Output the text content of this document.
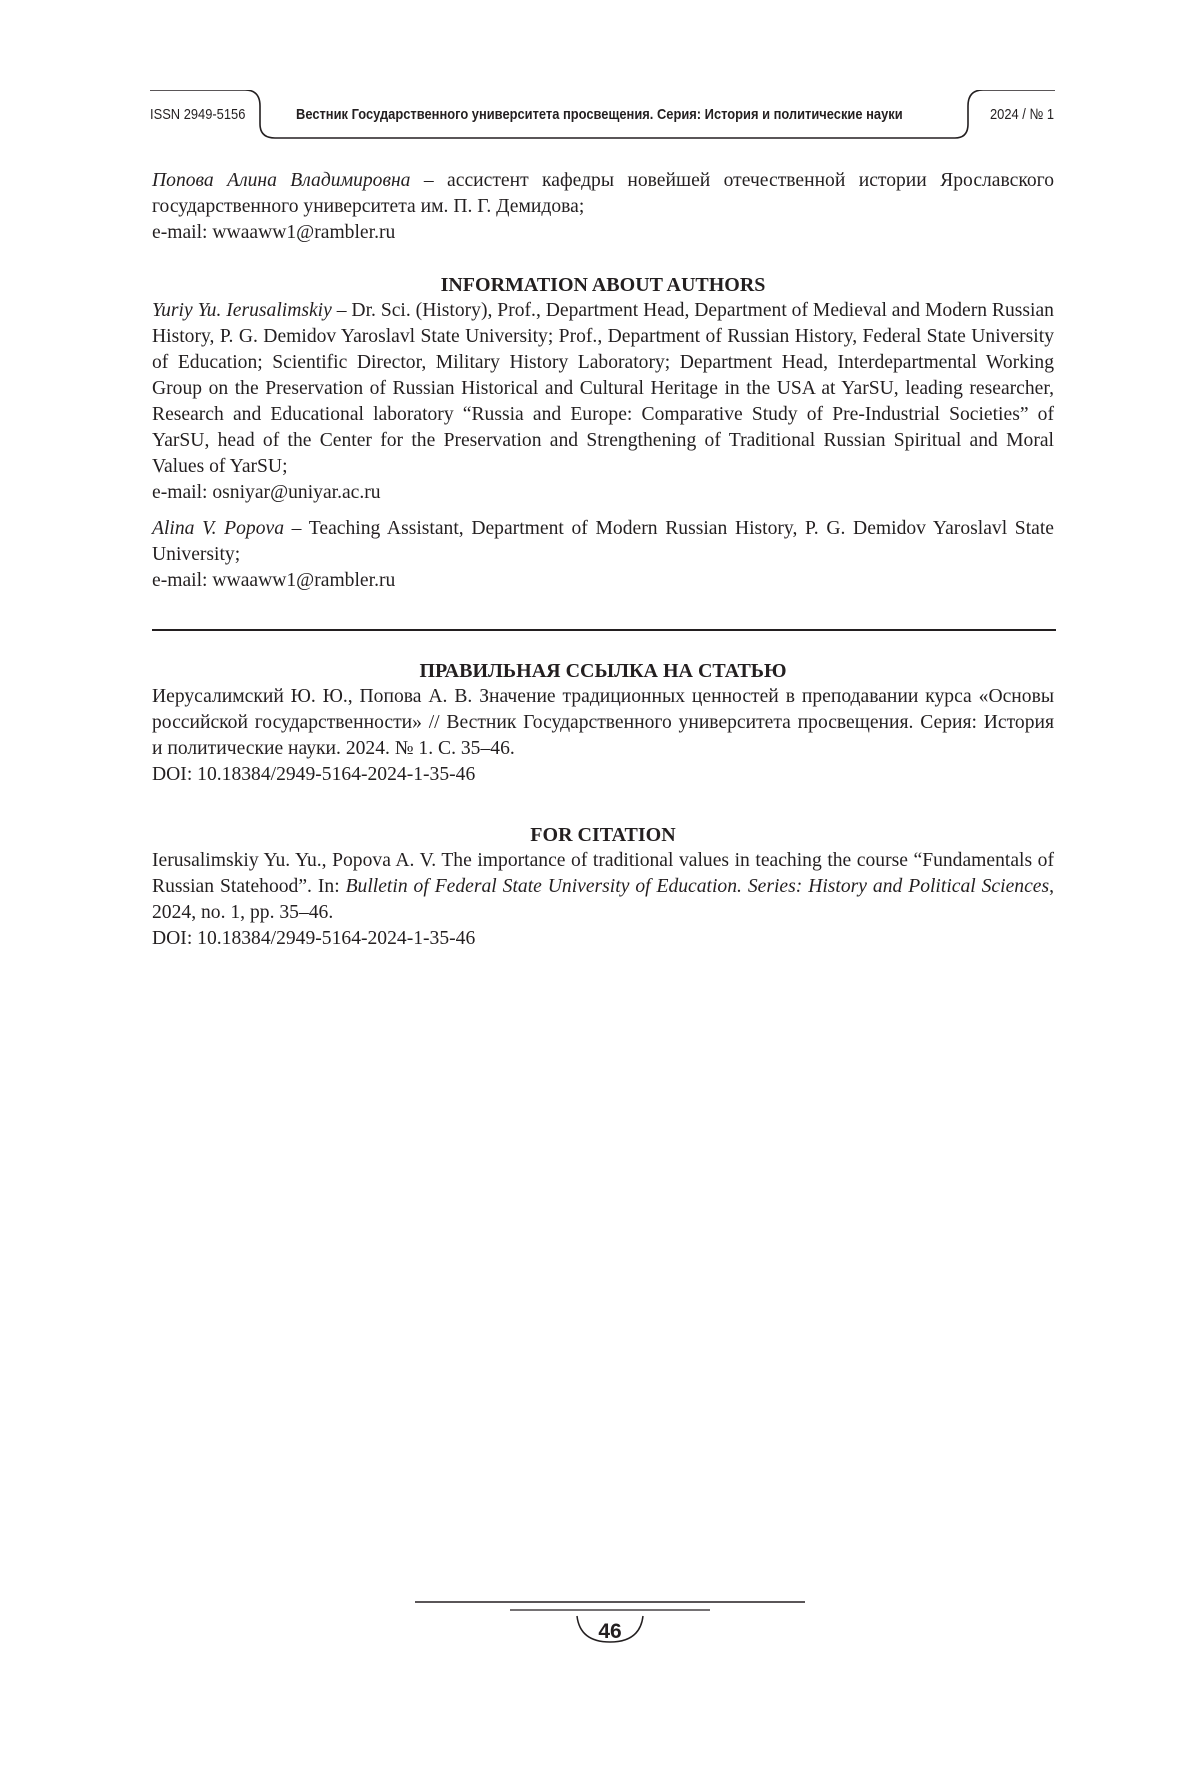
ISSN 2949-5156	Вестник Государственного университета просвещения. Серия: История и политические науки	2024 / № 1

Попова Алина Владимировна – ассистент кафедры новейшей отечественной истории Ярославского государственного университета им. П. Г. Демидова;

e-mail: wwaaww1@rambler.ru

INFORMATION ABOUT AUTHORS

Yuriy Yu. Ierusalimskiy – Dr. Sci. (History), Prof., Department Head, Department of Medieval and Modern Russian History, P. G. Demidov Yaroslavl State University; Prof., Department of Russian History, Federal State University of Education; Scientific Director, Military History Laboratory; Department Head, Interdepartmental Working Group on the Preservation of Russian Historical and Cultural Heritage in the USA at YarSU, leading researcher, Research and Educational laboratory “Russia and Europe: Comparative Study of Pre-Industrial Societies” of YarSU, head of the Center for the Preservation and Strengthening of Traditional Russian Spiritual and Moral Values of YarSU;

e-mail: osniyar@uniyar.ac.ru

Alina V. Popova – Teaching Assistant, Department of Modern Russian History, P. G. Demidov Yaroslavl State University;

e-mail: wwaaww1@rambler.ru

ПРАВИЛЬНАЯ ССЫЛКА НА СТАТЬЮ

Иерусалимский Ю. Ю., Попова А. В. Значение традиционных ценностей в преподавании курса «Основы российской государственности» // Вестник Государственного университета просвещения. Серия: История и политические науки. 2024. № 1. С. 35–46.

DOI: 10.18384/2949-5164-2024-1-35-46

FOR CITATION

Ierusalimskiy Yu. Yu., Popova A. V. The importance of traditional values in teaching the course “Fundamentals of Russian Statehood”. In: Bulletin of Federal State University of Education. Series: History and Political Sciences, 2024, no. 1, pp. 35–46.

DOI: 10.18384/2949-5164-2024-1-35-46

46
